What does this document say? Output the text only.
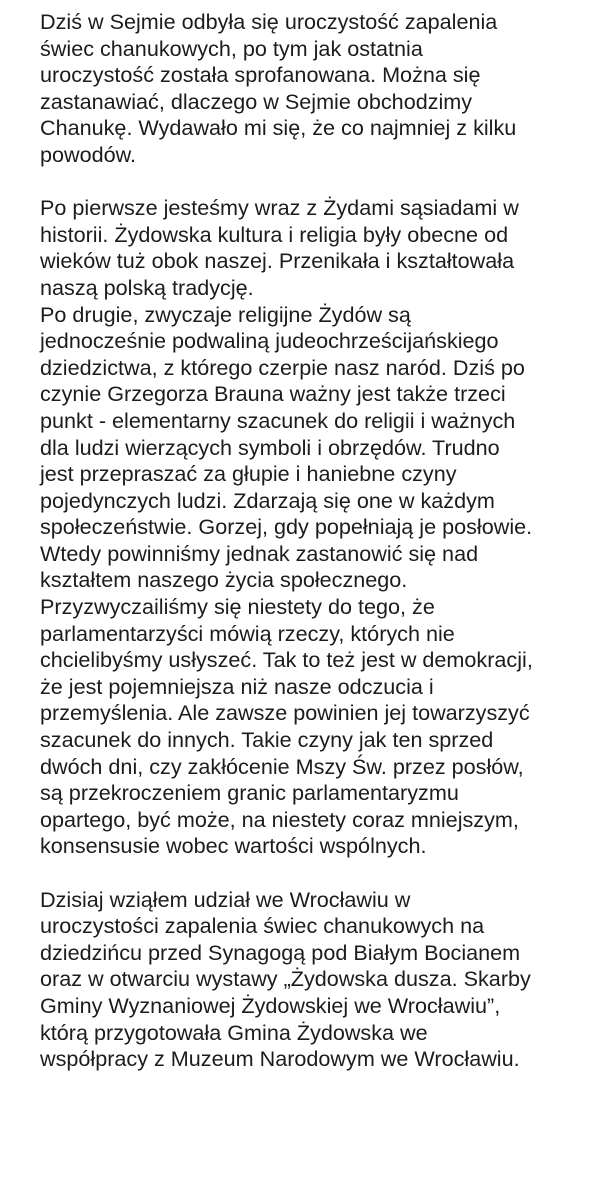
Dziś w Sejmie odbyła się uroczystość zapalenia
świec chanukowych, po tym jak ostatnia
uroczystość została sprofanowana. Można się
zastanawiać, dlaczego w Sejmie obchodzimy
Chanukę. Wydawało mi się, że co najmniej z kilku
powodów.
Po pierwsze jesteśmy wraz z Żydami sąsiadami w
historii. Żydowska kultura i religia były obecne od
wieków tuż obok naszej. Przenikała i kształtowała
naszą polską tradycję.
Po drugie, zwyczaje religijne Żydów są
jednocześnie podwaliną judeochrześcijańskiego
dziedzictwa, z którego czerpie nasz naród. Dziś po
czynie Grzegorza Brauna ważny jest także trzeci
punkt - elementarny szacunek do religii i ważnych
dla ludzi wierzących symboli i obrzędów. Trudno
jest przepraszać za głupie i haniebne czyny
pojedynczych ludzi. Zdarzają się one w każdym
społeczeństwie. Gorzej, gdy popełniają je posłowie.
Wtedy powinniśmy jednak zastanowić się nad
kształtem naszego życia społecznego.
Przyzwyczailiśmy się niestety do tego, że
parlamentarzyści mówią rzeczy, których nie
chcielibyśmy usłyszeć. Tak to też jest w demokracji,
że jest pojemniejsza niż nasze odczucia i
przemyślenia. Ale zawsze powinien jej towarzyszyć
szacunek do innych. Takie czyny jak ten sprzed
dwóch dni, czy zakłócenie Mszy Św. przez posłów,
są przekroczeniem granic parlamentaryzmu
opartego, być może, na niestety coraz mniejszym,
konsensusie wobec wartości wspólnych.
Dzisiaj wziąłem udział we Wrocławiu w
uroczystości zapalenia świec chanukowych na
dziedzińcu przed Synagogą pod Białym Bocianem
oraz w otwarciu wystawy „Żydowska dusza. Skarby
Gminy Wyznaniowej Żydowskiej we Wrocławiu”,
którą przygotowała Gmina Żydowska we
współpracy z Muzeum Narodowym we Wrocławiu.
